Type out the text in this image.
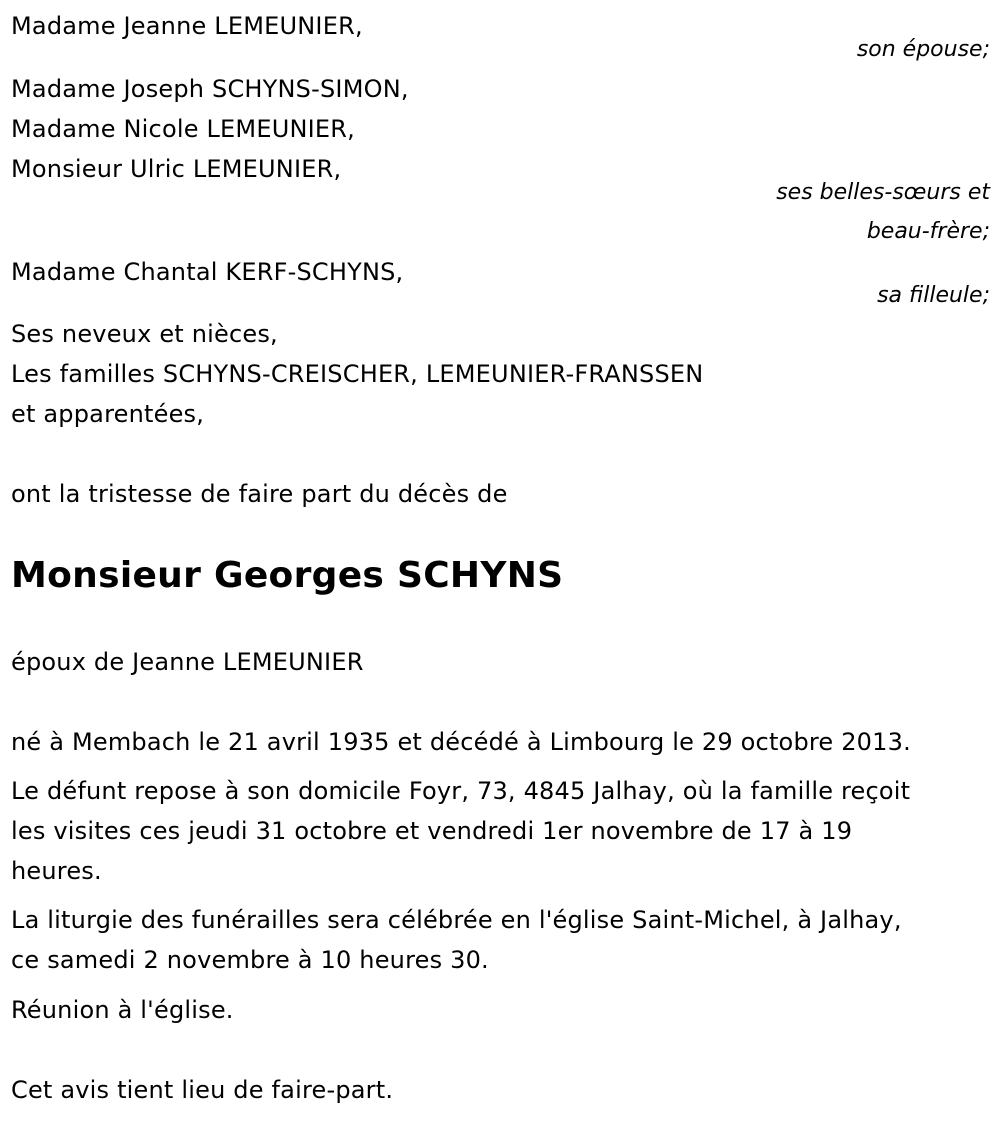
Madame Jeanne LEMEUNIER,
son épouse;
Madame Joseph SCHYNS-SIMON,
Madame Nicole LEMEUNIER,
Monsieur Ulric LEMEUNIER,
ses belles-sœurs et
beau-frère;
Madame Chantal KERF-SCHYNS,
sa filleule;
Ses neveux et nièces,
Les familles SCHYNS-CREISCHER, LEMEUNIER-FRANSSEN
et apparentées,
ont la tristesse de faire part du décès de
Monsieur Georges SCHYNS
époux de Jeanne LEMEUNIER
né à Membach le 21 avril 1935 et décédé à Limbourg le 29 octobre 2013.
Le défunt repose à son domicile Foyr, 73, 4845 Jalhay, où la famille reçoit
les visites ces jeudi 31 octobre et vendredi 1er novembre de 17 à 19
heures.
La liturgie des funérailles sera célébrée en l'église Saint-Michel, à Jalhay,
ce samedi 2 novembre à 10 heures 30.
Réunion à l'église.
Cet avis tient lieu de faire-part.
